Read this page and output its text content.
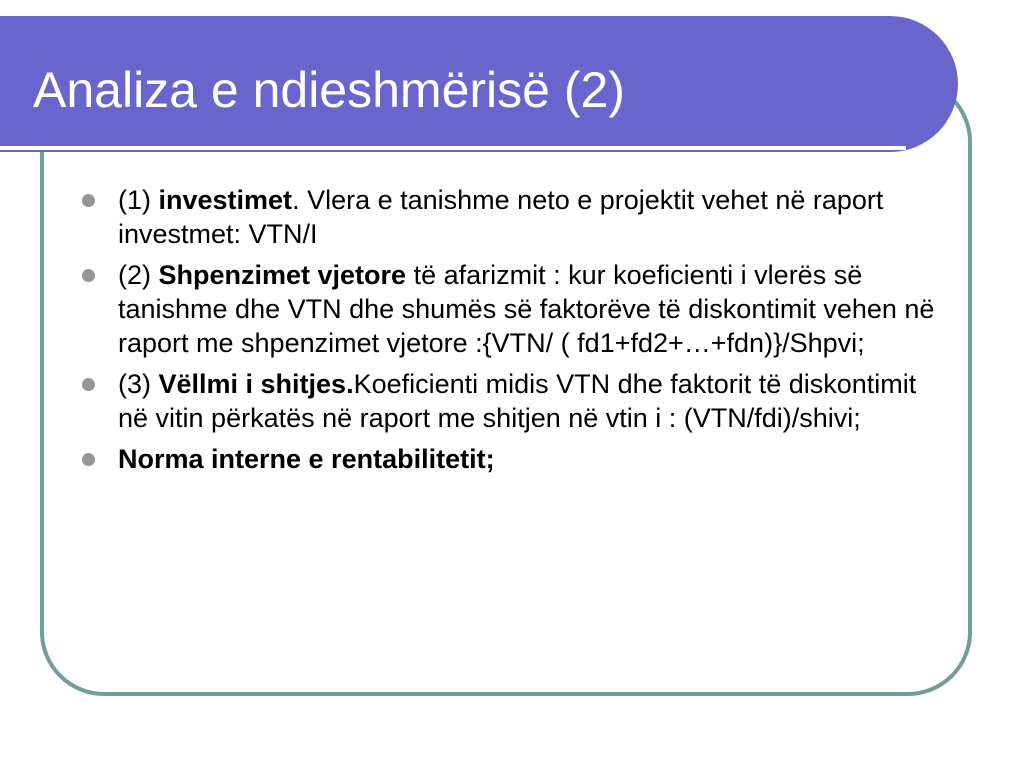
Analiza e ndieshmërisë (2)
(1) investimet. Vlera e tanishme neto e projektit vehet në raport investmet: VTN/I
(2) Shpenzimet vjetore të afarizmit : kur koeficienti i vlerës së tanishme dhe VTN dhe shumës së faktorëve të diskontimit vehen në raport me shpenzimet vjetore :{VTN/ ( fd1+fd2+…+fdn)}/Shpvi;
(3) Vëllmi i shitjes.Koeficienti midis VTN dhe faktorit të diskontimit në vitin përkatës në raport me shitjen në vtin i : (VTN/fdi)/shivi;
Norma interne e rentabilitetit;
